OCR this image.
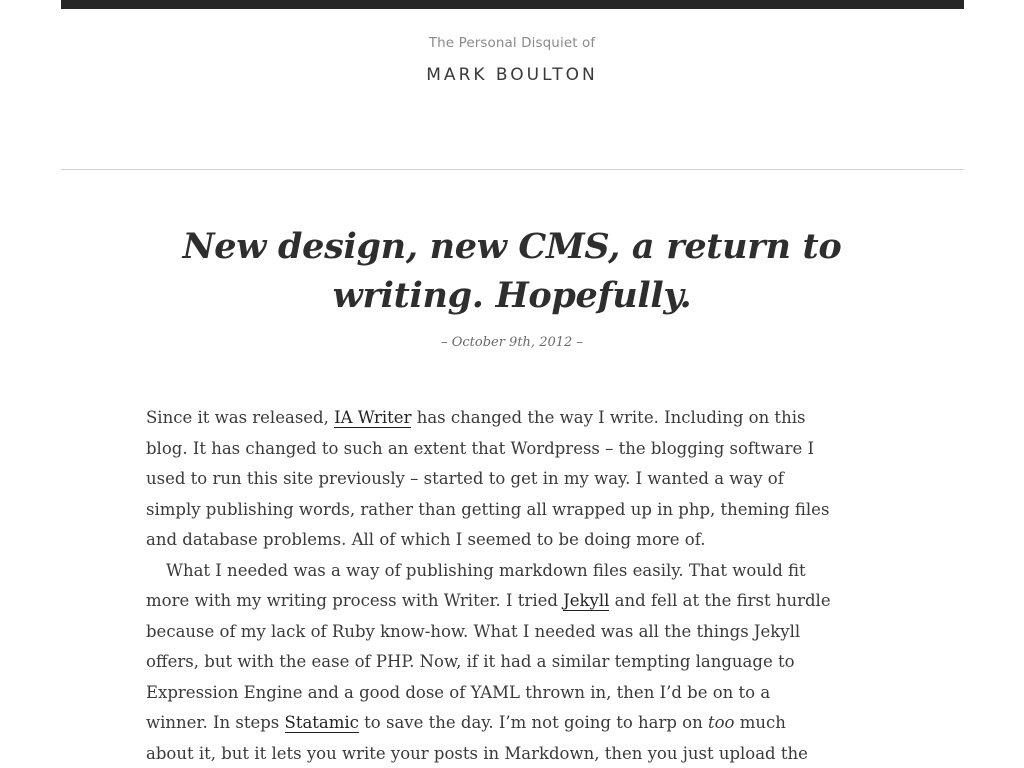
The Personal Disquiet of
MARK BOULTON
New design, new CMS, a return to
writing. Hopefully.
– October 9th, 2012 –

Since it was released, IA Writer has changed the way I write. Including on this
blog. It has changed to such an extent that Wordpress – the blogging software I
used to run this site previously – started to get in my way. I wanted a way of
simply publishing words, rather than getting all wrapped up in php, theming files
and database problems. All of which I seemed to be doing more of.

What I needed was a way of publishing markdown files easily. That would fit
more with my writing process with Writer. I tried Jekyll and fell at the first hurdle
because of my lack of Ruby know-how. What I needed was all the things Jekyll
offers, but with the ease of PHP. Now, if it had a similar tempting language to
Expression Engine and a good dose of YAML thrown in, then I’d be on to a
winner. In steps Statamic to save the day. I’m not going to harp on too much
about it, but it lets you write your posts in Markdown, then you just upload the
